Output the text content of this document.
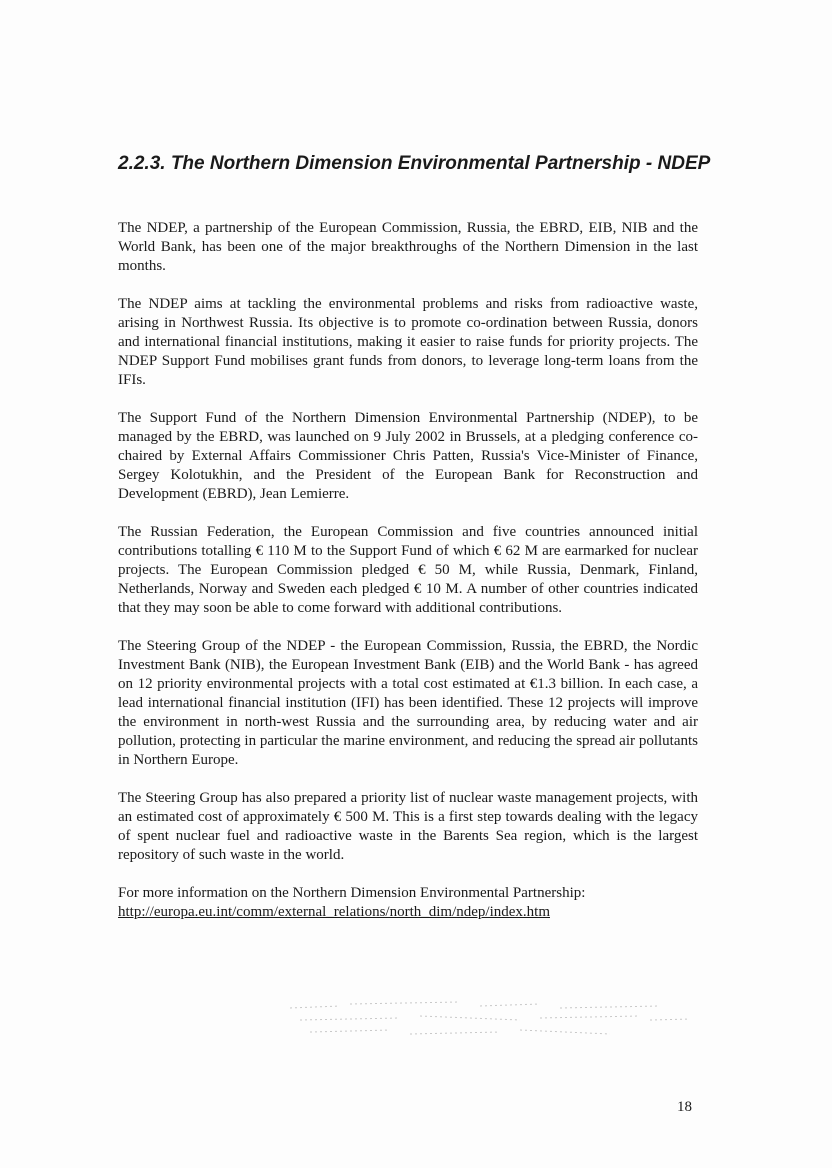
2.2.3. The Northern Dimension Environmental Partnership - NDEP

The NDEP, a partnership of the European Commission, Russia, the EBRD, EIB, NIB and the World Bank, has been one of the major breakthroughs of the Northern Dimension in the last months.

The NDEP aims at tackling the environmental problems and risks from radioactive waste, arising in Northwest Russia. Its objective is to promote co-ordination between Russia, donors and international financial institutions, making it easier to raise funds for priority projects. The NDEP Support Fund mobilises grant funds from donors, to leverage long-term loans from the IFIs.

The Support Fund of the Northern Dimension Environmental Partnership (NDEP), to be managed by the EBRD, was launched on 9 July 2002 in Brussels, at a pledging conference co-chaired by External Affairs Commissioner Chris Patten, Russia's Vice-Minister of Finance, Sergey Kolotukhin, and the President of the European Bank for Reconstruction and Development (EBRD), Jean Lemierre.

The Russian Federation, the European Commission and five countries announced initial contributions totalling € 110 M to the Support Fund of which € 62 M are earmarked for nuclear projects. The European Commission pledged € 50 M, while Russia, Denmark, Finland, Netherlands, Norway and Sweden each pledged € 10 M. A number of other countries indicated that they may soon be able to come forward with additional contributions.

The Steering Group of the NDEP - the European Commission, Russia, the EBRD, the Nordic Investment Bank (NIB), the European Investment Bank (EIB) and the World Bank - has agreed on 12 priority environmental projects with a total cost estimated at €1.3 billion. In each case, a lead international financial institution (IFI) has been identified. These 12 projects will improve the environment in north-west Russia and the surrounding area, by reducing water and air pollution, protecting in particular the marine environment, and reducing the spread air pollutants in Northern Europe.

The Steering Group has also prepared a priority list of nuclear waste management projects, with an estimated cost of approximately € 500 M. This is a first step towards dealing with the legacy of spent nuclear fuel and radioactive waste in the Barents Sea region, which is the largest repository of such waste in the world.

For more information on the Northern Dimension Environmental Partnership:
http://europa.eu.int/comm/external_relations/north_dim/ndep/index.htm
18
